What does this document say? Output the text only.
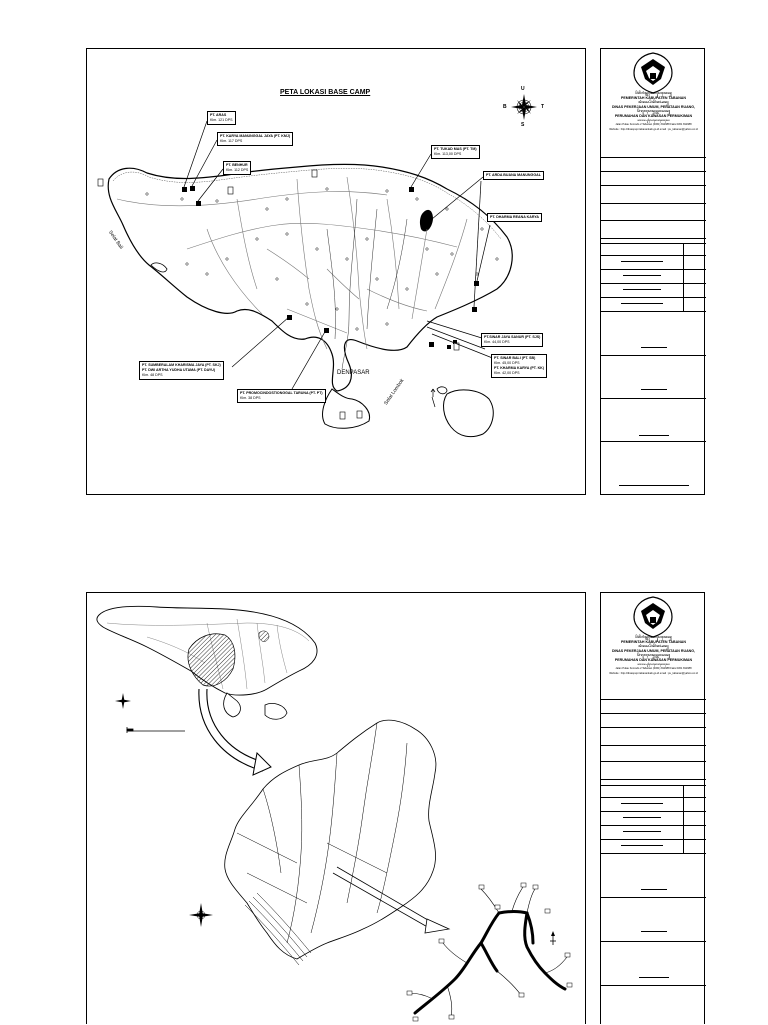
PETA LOKASI BASE CAMP	U
B	T
S
DENPASAR
Selat Bali
Selat Lombok
PT. ARAS
Klm. 121 DPS
PT. KARYA MANUNGGAL JAYA (PT. KMJ)
Klm. 117 DPS
PT. BENHUR
Klm. 112 DPS
PT. TUKAD MAS (PT. TM)
Klm. 113,00 DPS
PT. ARDA BUANA MANUNGGAL
PT. DHARMA REANA KARYA
PT.SINAR JAYA SANUR (PT. SJS)
Klm. 44,00 DPS
PT. SINAR BALI (PT. SB)
Klm. 45,00 DPS
PT. KHARMA KARYA (PT. KK)
Klm. 42,00 DPS
PT. SUMBERALAM KHARISMA JAYA (PT. SKJ)
PT. DWI ARTHA YUDHA UTAMA (PT. DAYU)
Klm. 48 DPS
PT. PROMOCINDOSTIONGGAL TARUNA (PT. PT)
Klm. 38 DPS
ꦥꦼꦩꦼꦫꦶꦤ꧀ꦠꦃꦏꦧꦸꦥꦠꦺꦤ꧀
PEMERINTAH KABUPATEN TABANAN
ꦢꦶꦤꦱ꧀ꦥꦼꦏꦼꦂꦗꦄꦤ꧀
DINAS PEKERJAAN UMUM, PENATAAN RUANG,
ꦥꦼꦫꦸꦩꦃꦲꦤ꧀ꦢꦤ꧀ꦏꦮꦱꦤ꧀
PERUMAHAN DAN KAWASAN PERMUKIMAN
ꦗꦭꦤ꧀ꦥꦸꦭꦻꦏꦺꦴꦩꦺꦴꦢꦺꦴ
Jalan Pulau Komodo 2 Tabanan (0361) 811688 Faks 0361 811688
Website : http://dinaspupr.tabanankab.go.id email : pu_tabanan@yahoo.co.id
ꦥꦼꦩꦼꦫꦶꦤ꧀ꦠꦃꦏꦧꦸꦥꦠꦺꦤ꧀
PEMERINTAH KABUPATEN TABANAN
ꦢꦶꦤꦱ꧀ꦥꦼꦏꦼꦂꦗꦄꦤ꧀
DINAS PEKERJAAN UMUM, PENATAAN RUANG,
ꦥꦼꦫꦸꦩꦃꦲꦤ꧀ꦢꦤ꧀ꦏꦮꦱꦤ꧀
PERUMAHAN DAN KAWASAN PERMUKIMAN
ꦗꦭꦤ꧀ꦥꦸꦭꦻꦏꦺꦴꦩꦺꦴꦢꦺꦴ
Jalan Pulau Komodo 2 Tabanan (0361) 811688 Faks 0361 811688
Website : http://dinaspupr.tabanankab.go.id email : pu_tabanan@yahoo.co.id
